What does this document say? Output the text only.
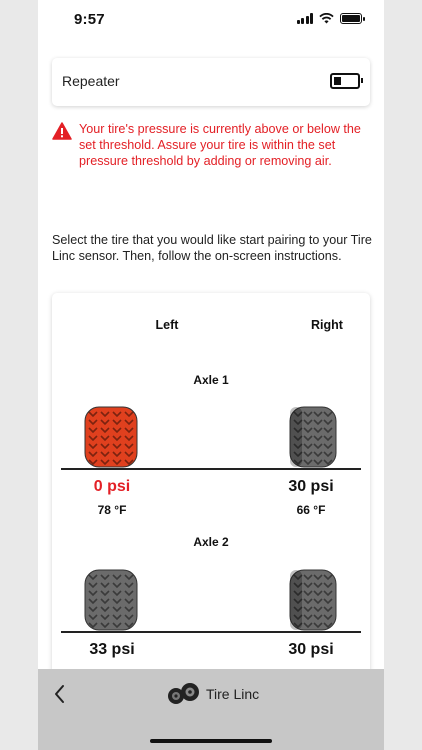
9:57
Repeater
Your tire's pressure is currently above or below the set threshold. Assure your tire is within the set pressure threshold by adding or removing air.
Select the tire that you would like start pairing to your Tire Linc sensor. Then, follow the on-screen instructions.
Left	Right
Axle 1
0 psi
78 °F
30 psi
66 °F
Axle 2
33 psi	30 psi
Tire Linc
